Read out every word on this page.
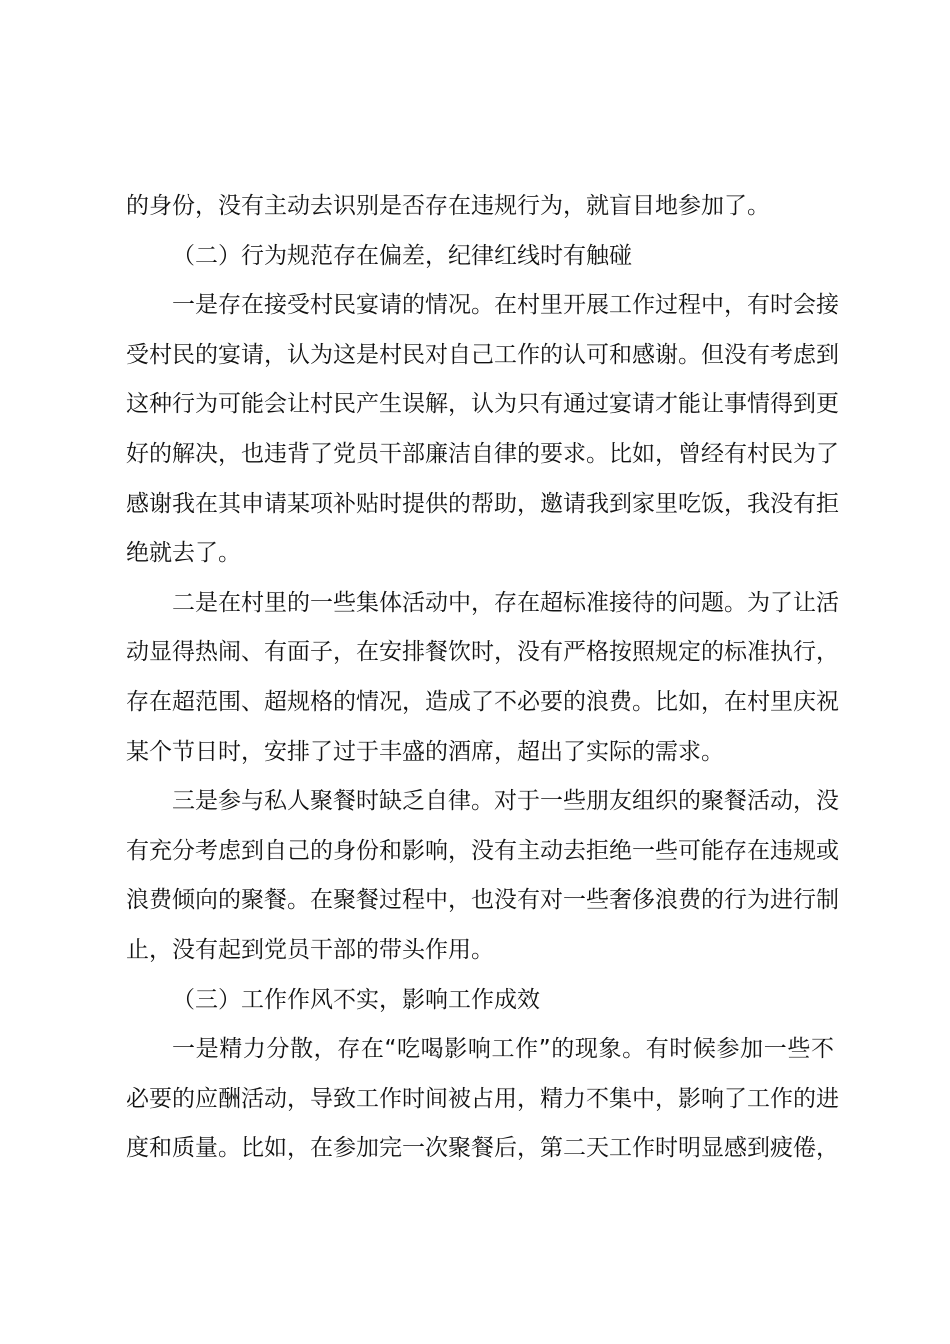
的身份，没有主动去识别是否存在违规行为，就盲目地参加了。
（二）行为规范存在偏差，纪律红线时有触碰
一是存在接受村民宴请的情况。在村里开展工作过程中，有时会接
受村民的宴请，认为这是村民对自己工作的认可和感谢。但没有考虑到
这种行为可能会让村民产生误解，认为只有通过宴请才能让事情得到更
好的解决，也违背了党员干部廉洁自律的要求。比如，曾经有村民为了
感谢我在其申请某项补贴时提供的帮助，邀请我到家里吃饭，我没有拒
绝就去了。
二是在村里的一些集体活动中，存在超标准接待的问题。为了让活
动显得热闹、有面子，在安排餐饮时，没有严格按照规定的标准执行，
存在超范围、超规格的情况，造成了不必要的浪费。比如，在村里庆祝
某个节日时，安排了过于丰盛的酒席，超出了实际的需求。
三是参与私人聚餐时缺乏自律。对于一些朋友组织的聚餐活动，没
有充分考虑到自己的身份和影响，没有主动去拒绝一些可能存在违规或
浪费倾向的聚餐。在聚餐过程中，也没有对一些奢侈浪费的行为进行制
止，没有起到党员干部的带头作用。
（三）工作作风不实，影响工作成效
一是精力分散，存在“吃喝影响工作”的现象。有时候参加一些不
必要的应酬活动，导致工作时间被占用，精力不集中，影响了工作的进
度和质量。比如，在参加完一次聚餐后，第二天工作时明显感到疲倦，
